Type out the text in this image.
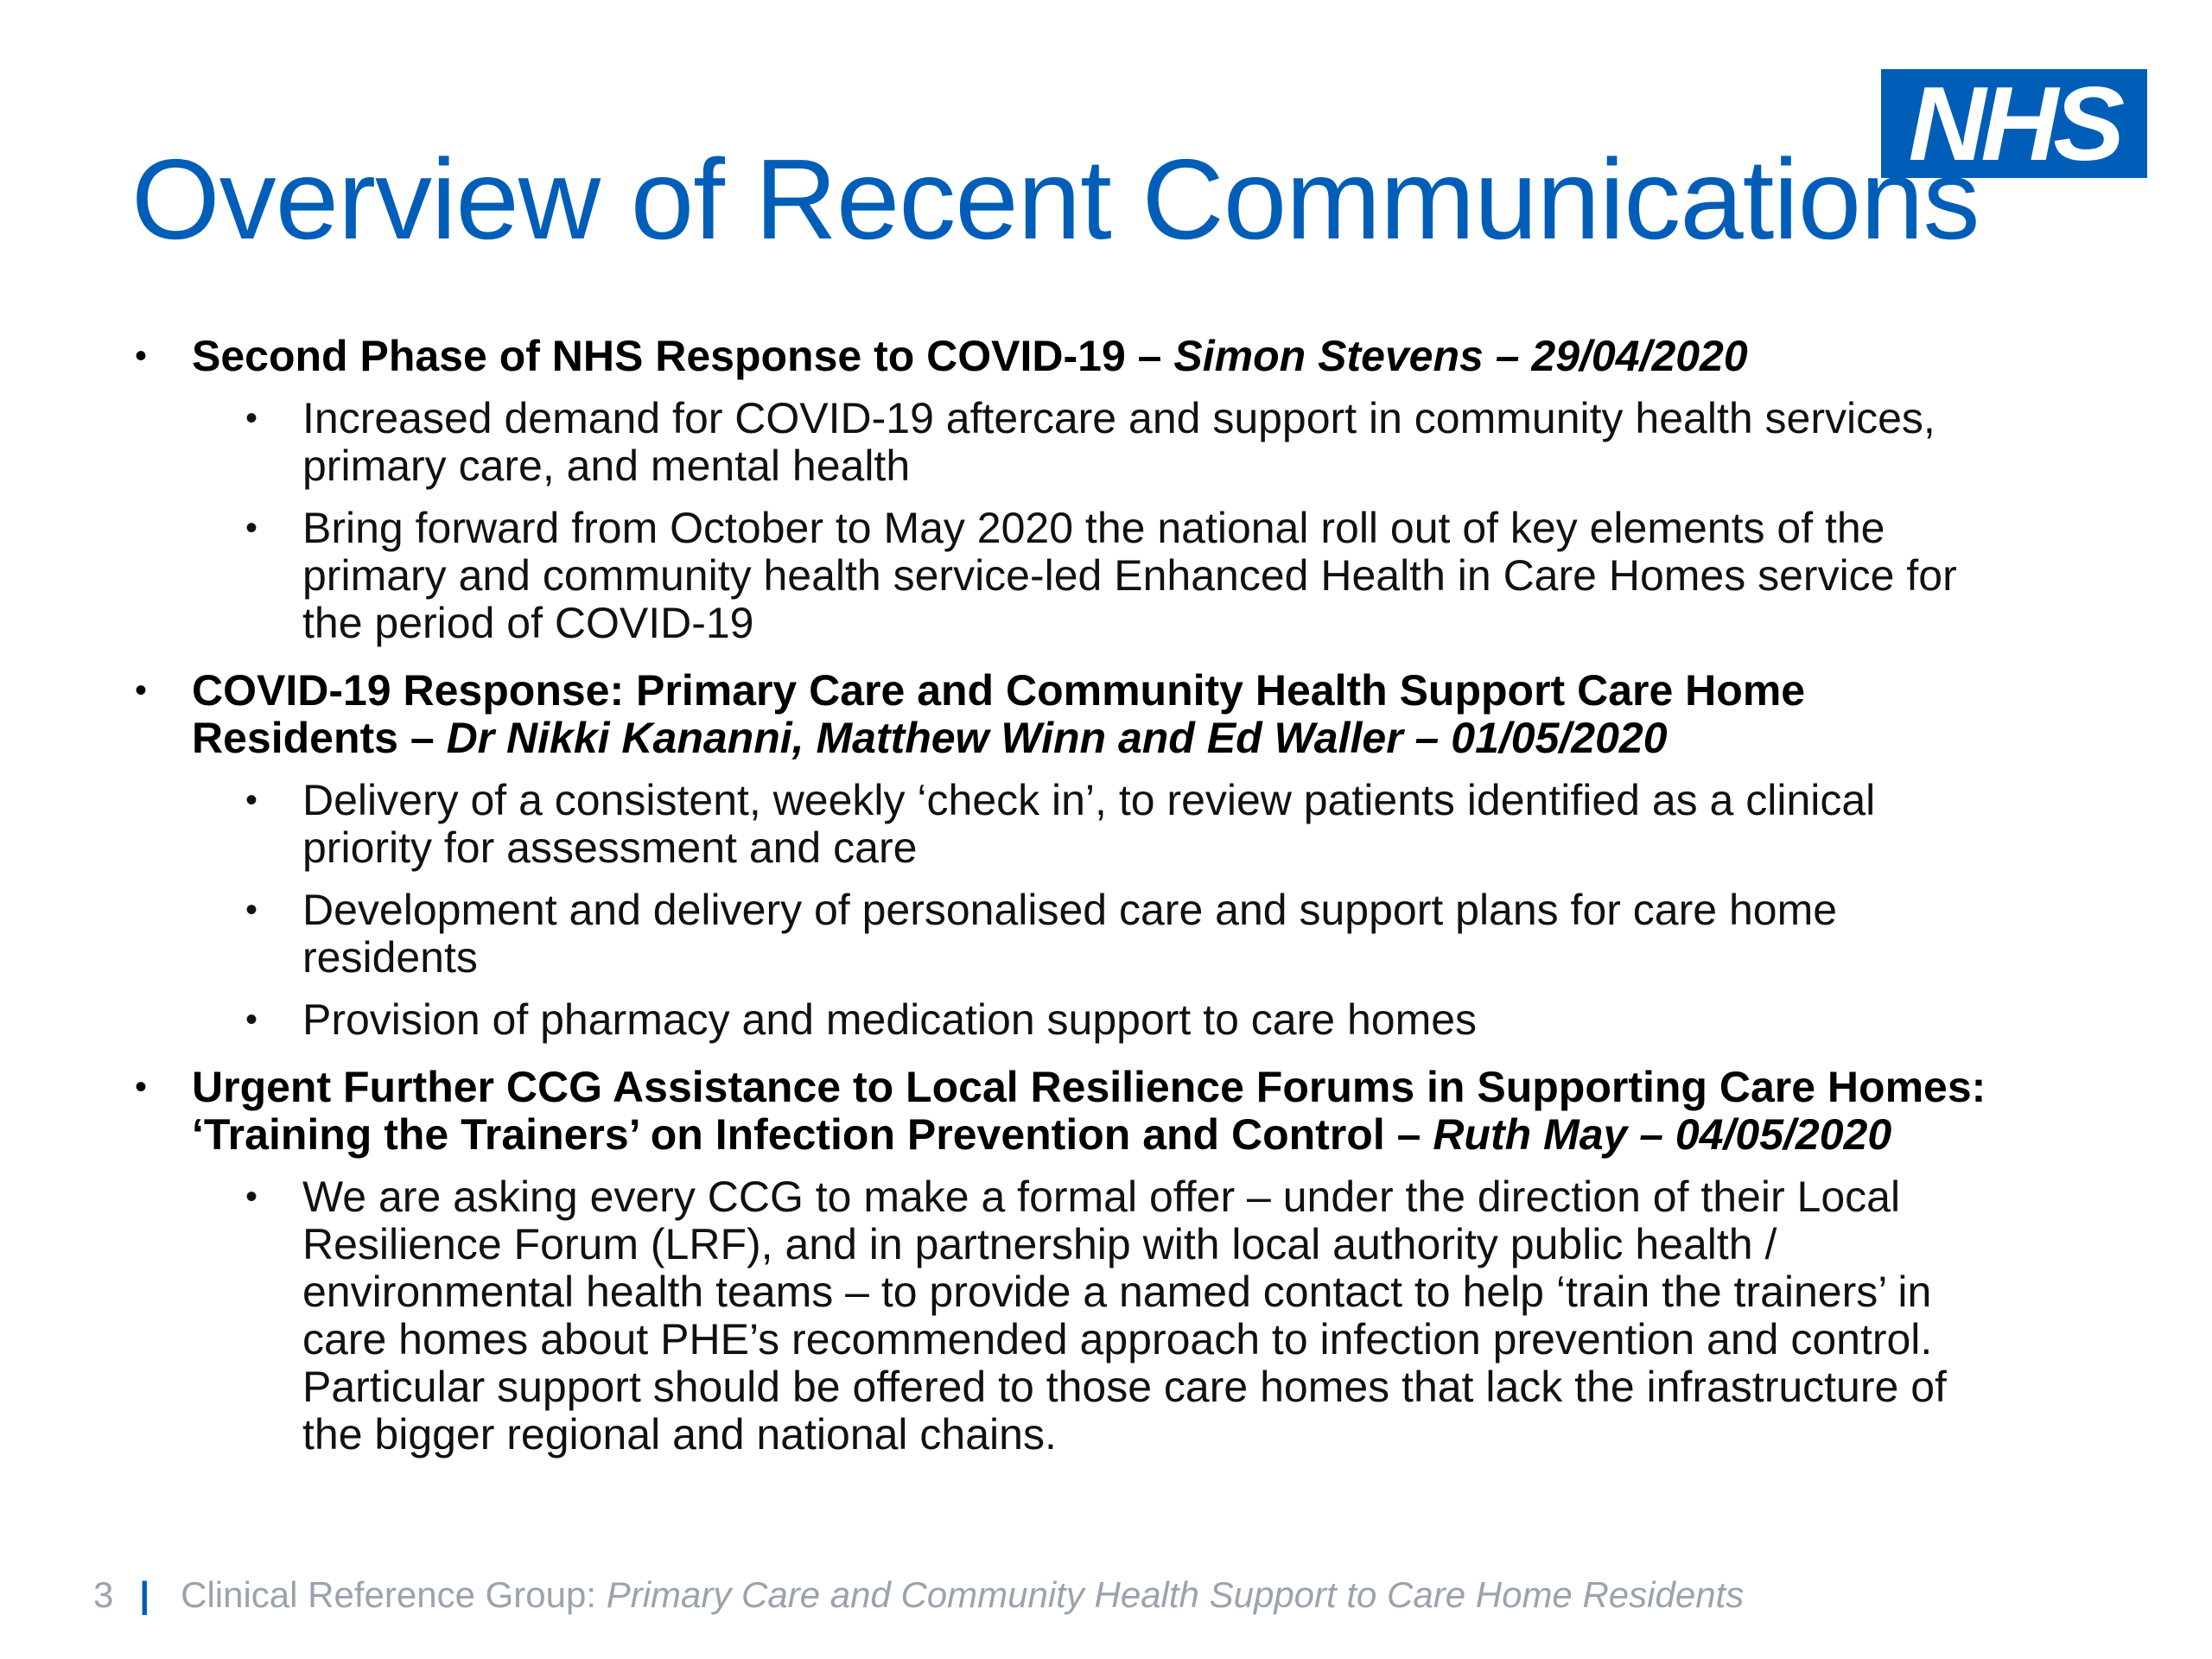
NHS
Overview of Recent Communications
• Second Phase of NHS Response to COVID-19 – Simon Stevens – 29/04/2020
• Increased demand for COVID-19 aftercare and support in community health services, primary care, and mental health
• Bring forward from October to May 2020 the national roll out of key elements of the primary and community health service-led Enhanced Health in Care Homes service for the period of COVID-19
• COVID-19 Response: Primary Care and Community Health Support Care Home Residents – Dr Nikki Kananni, Matthew Winn and Ed Waller – 01/05/2020
• Delivery of a consistent, weekly ‘check in’, to review patients identified as a clinical priority for assessment and care
• Development and delivery of personalised care and support plans for care home residents
• Provision of pharmacy and medication support to care homes
• Urgent Further CCG Assistance to Local Resilience Forums in Supporting Care Homes: ‘Training the Trainers’ on Infection Prevention and Control – Ruth May – 04/05/2020
• We are asking every CCG to make a formal offer – under the direction of their Local Resilience Forum (LRF), and in partnership with local authority public health / environmental health teams – to provide a named contact to help ‘train the trainers’ in care homes about PHE’s recommended approach to infection prevention and control. Particular support should be offered to those care homes that lack the infrastructure of the bigger regional and national chains.
3 | Clinical Reference Group: Primary Care and Community Health Support to Care Home Residents
